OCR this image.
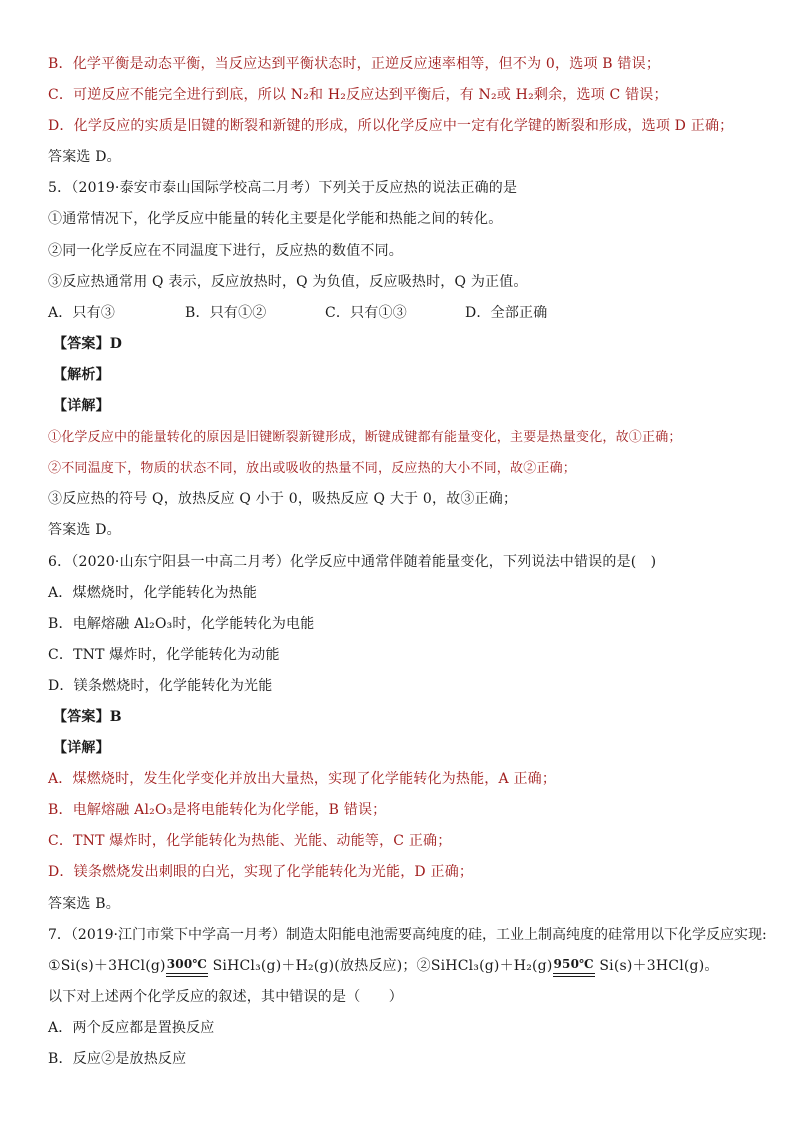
B．化学平衡是动态平衡，当反应达到平衡状态时，正逆反应速率相等，但不为 0，选项 B 错误；
C．可逆反应不能完全进行到底，所以 N₂和 H₂反应达到平衡后，有 N₂或 H₂剩余，选项 C 错误；
D．化学反应的实质是旧键的断裂和新键的形成，所以化学反应中一定有化学键的断裂和形成，选项 D 正确；
答案选 D。
5．（2019·泰安市泰山国际学校高二月考）下列关于反应热的说法正确的是
①通常情况下，化学反应中能量的转化主要是化学能和热能之间的转化。
②同一化学反应在不同温度下进行，反应热的数值不同。
③反应热通常用 Q 表示，反应放热时，Q 为负值，反应吸热时，Q 为正值。
A．只有③	B．只有①②	C．只有①③	D．全部正确
【答案】D
【解析】
【详解】
①化学反应中的能量转化的原因是旧键断裂新键形成，断键成键都有能量变化，主要是热量变化，故①正确；
②不同温度下，物质的状态不同，放出或吸收的热量不同，反应热的大小不同，故②正确；
③反应热的符号 Q，放热反应 Q 小于 0，吸热反应 Q 大于 0，故③正确；
答案选 D。
6．（2020·山东宁阳县一中高二月考）化学反应中通常伴随着能量变化，下列说法中错误的是(　)
A．煤燃烧时，化学能转化为热能
B．电解熔融 Al₂O₃时，化学能转化为电能
C．TNT 爆炸时，化学能转化为动能
D．镁条燃烧时，化学能转化为光能
【答案】B
【详解】
A．煤燃烧时，发生化学变化并放出大量热，实现了化学能转化为热能，A 正确；
B．电解熔融 Al₂O₃是将电能转化为化学能，B 错误；
C．TNT 爆炸时，化学能转化为热能、光能、动能等，C 正确；
D．镁条燃烧发出刺眼的白光，实现了化学能转化为光能，D 正确；
答案选 B。
7．（2019·江门市棠下中学高一月考）制造太阳能电池需要高纯度的硅，工业上制高纯度的硅常用以下化学反应实现:
①Si(s)＋3HCl(g)300℃ SiHCl₃(g)＋H₂(g)(放热反应)；②SiHCl₃(g)＋H₂(g)950℃ Si(s)＋3HCl(g)。
以下对上述两个化学反应的叙述，其中错误的是（　　）
A．两个反应都是置换反应
B．反应②是放热反应
